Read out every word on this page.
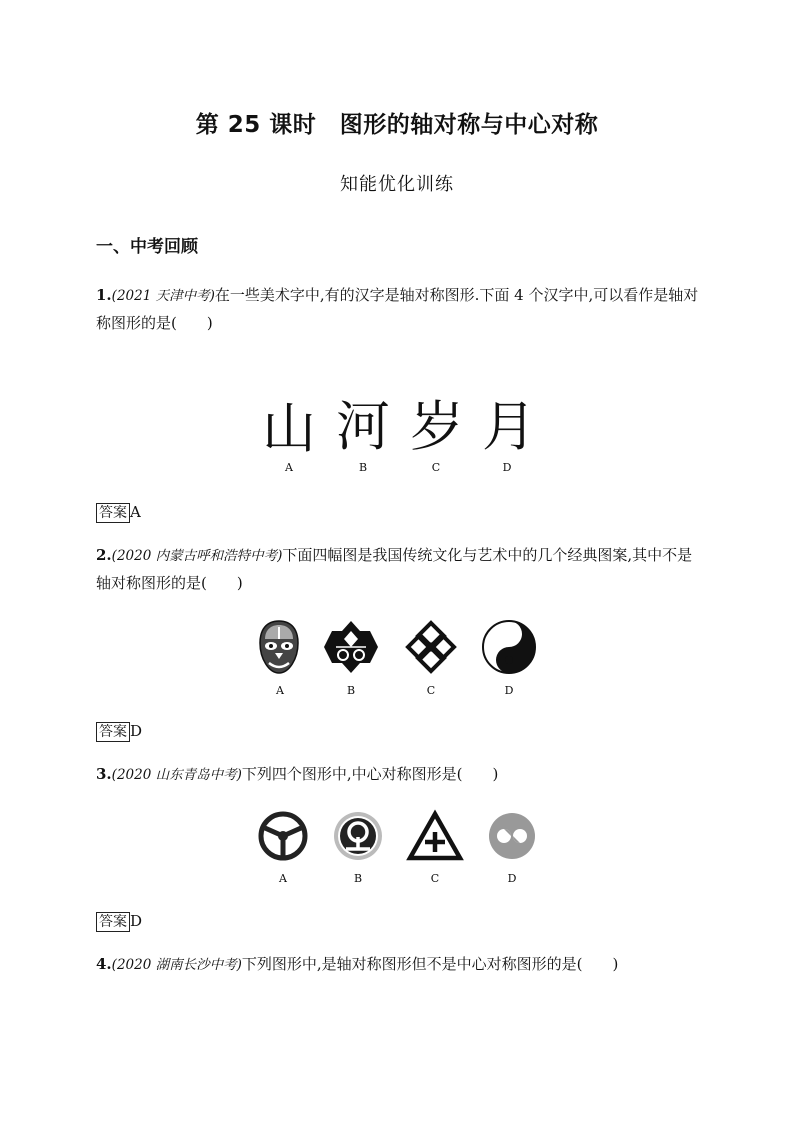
第 25 课时　图形的轴对称与中心对称
知能优化训练
一、中考回顾
1.(2021 天津中考)在一些美术字中,有的汉字是轴对称图形.下面 4 个汉字中,可以看作是轴对称图形的是(　　)
山 河 岁 月
A	B	C	D
答案 A
2.(2020 内蒙古呼和浩特中考)下面四幅图是我国传统文化与艺术中的几个经典图案,其中不是轴对称图形的是(　　)
A	B	C	D
答案 D
3.(2020 山东青岛中考)下列四个图形中,中心对称图形是(　　)
A	B	C	D
答案 D
4.(2020 湖南长沙中考)下列图形中,是轴对称图形但不是中心对称图形的是(　　)
